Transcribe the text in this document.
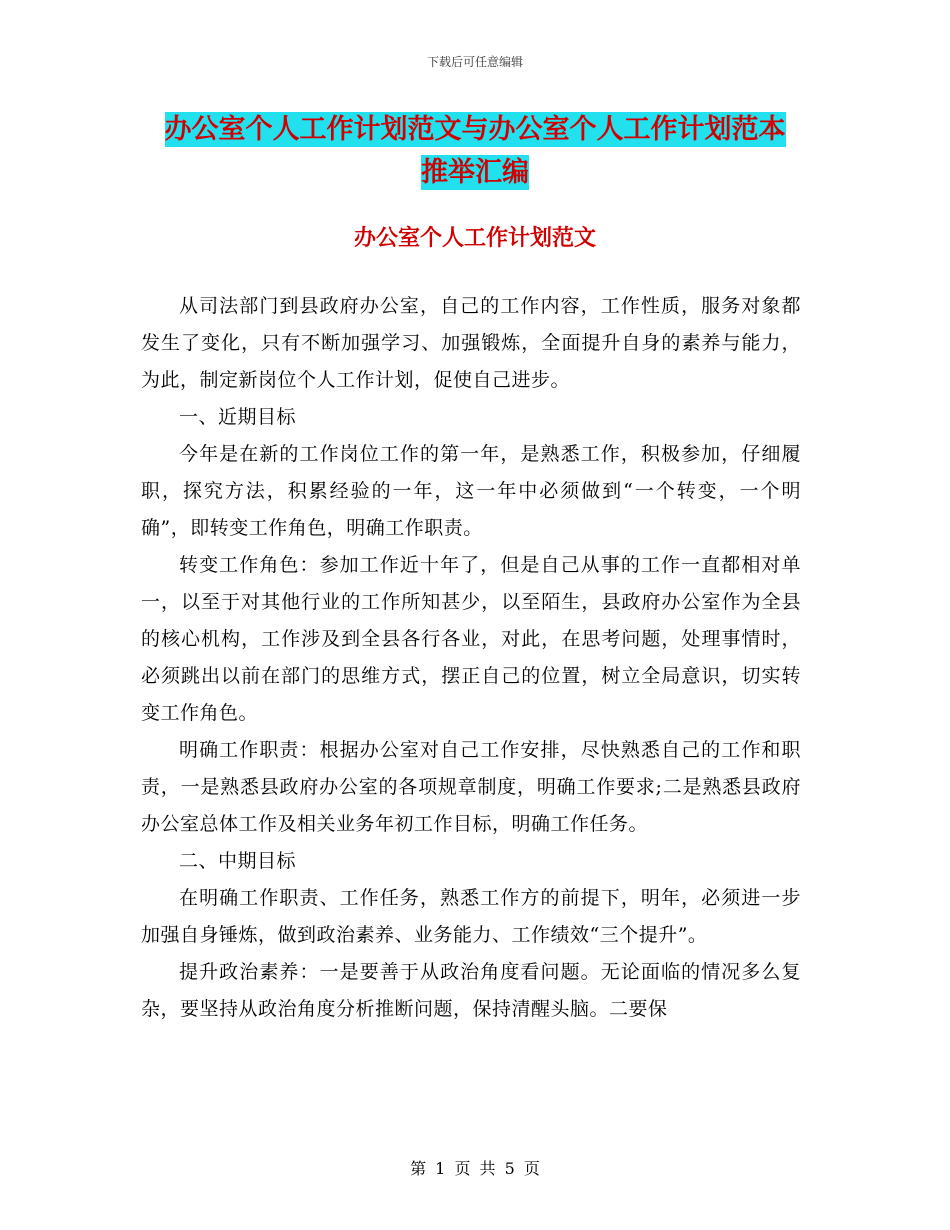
下载后可任意编辑
办公室个人工作计划范文与办公室个人工作计划范本
推举汇编
办公室个人工作计划范文

从司法部门到县政府办公室，自己的工作内容，工作性质，服务对象都发生了变化，只有不断加强学习、加强锻炼，全面提升自身的素养与能力，为此，制定新岗位个人工作计划，促使自己进步。

一、近期目标

今年是在新的工作岗位工作的第一年，是熟悉工作，积极参加，仔细履职，探究方法，积累经验的一年，这一年中必须做到“一个转变，一个明确”，即转变工作角色，明确工作职责。

转变工作角色：参加工作近十年了，但是自己从事的工作一直都相对单一，以至于对其他行业的工作所知甚少，以至陌生，县政府办公室作为全县的核心机构，工作涉及到全县各行各业，对此，在思考问题，处理事情时，必须跳出以前在部门的思维方式，摆正自己的位置，树立全局意识，切实转变工作角色。

明确工作职责：根据办公室对自己工作安排，尽快熟悉自己的工作和职责，一是熟悉县政府办公室的各项规章制度，明确工作要求;二是熟悉县政府办公室总体工作及相关业务年初工作目标，明确工作任务。

二、中期目标

在明确工作职责、工作任务，熟悉工作方的前提下，明年，必须进一步加强自身锤炼，做到政治素养、业务能力、工作绩效“三个提升”。

提升政治素养：一是要善于从政治角度看问题。无论面临的情况多么复杂，要坚持从政治角度分析推断问题，保持清醒头脑。二要保

第 1 页 共 5 页
